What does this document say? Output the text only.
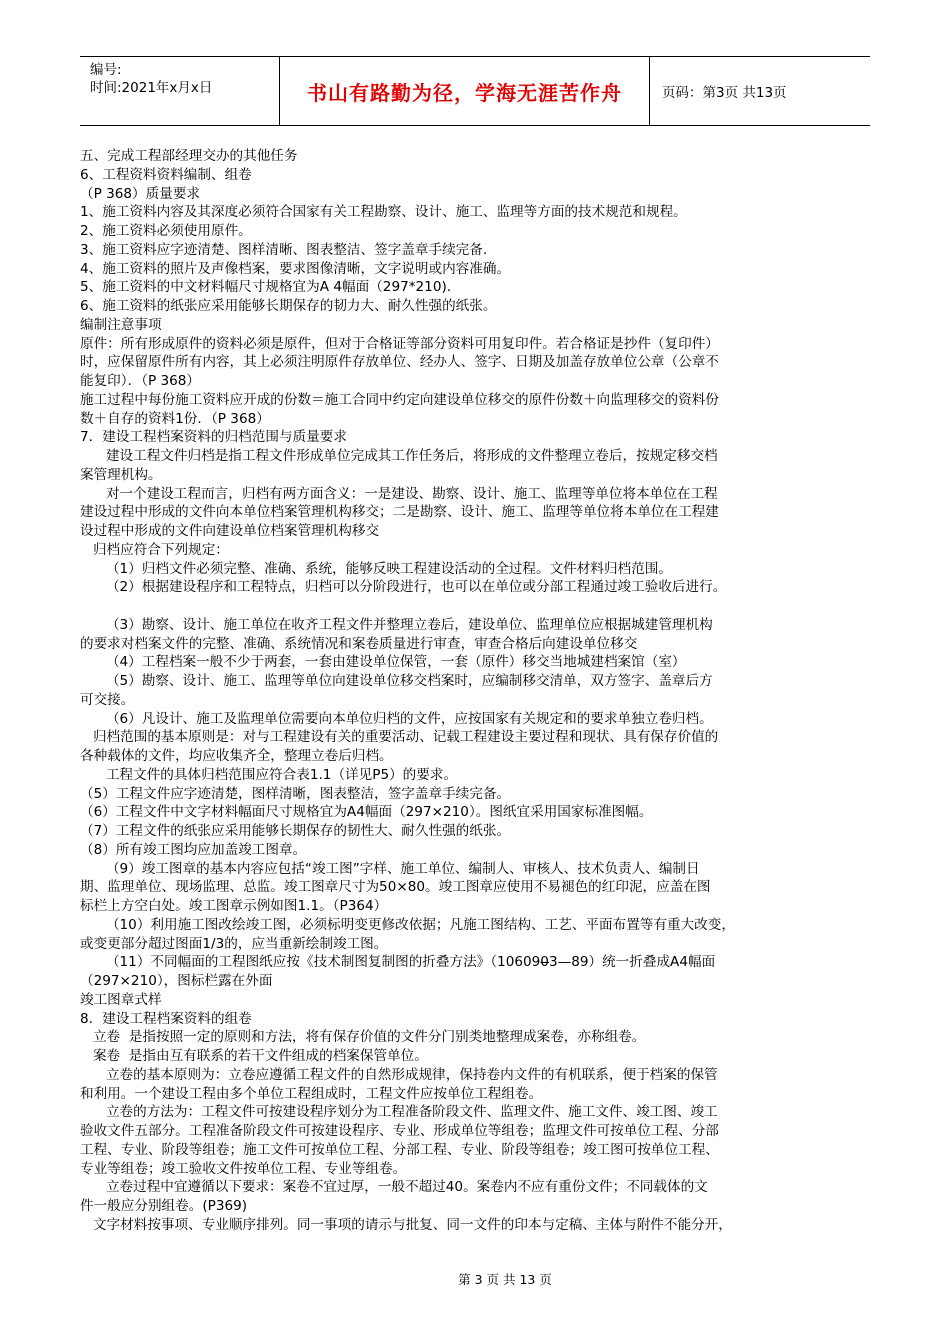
编号:
时间:2021年x月x日	书山有路勤为径，学海无涯苦作舟	页码：第3页 共13页

五、完成工程部经理交办的其他任务

6、工程资料资料编制、组卷

（P 368）质量要求

1、施工资料内容及其深度必须符合国家有关工程勘察、设计、施工、监理等方面的技术规范和规程。

2、施工资料必须使用原件。

3、施工资料应字迹清楚、图样清晰、图表整洁、签字盖章手续完备.

4、施工资料的照片及声像档案，要求图像清晰，文字说明或内容准确。

5、施工资料的中文材料幅尺寸规格宜为A 4幅面（297*210).

6、施工资料的纸张应采用能够长期保存的韧力大、耐久性强的纸张。

编制注意事项

原件：所有形成原件的资料必须是原件，但对于合格证等部分资料可用复印件。若合格证是抄件（复印件）

时，应保留原件所有内容，其上必须注明原件存放单位、经办人、签字、日期及加盖存放单位公章（公章不

能复印）．（P 368）

施工过程中每份施工资料应开成的份数＝施工合同中约定向建设单位移交的原件份数＋向监理移交的资料份

数＋自存的资料1份．（P 368）

7．建设工程档案资料的归档范围与质量要求

建设工程文件归档是指工程文件形成单位完成其工作任务后，将形成的文件整理立卷后，按规定移交档

案管理机构。

对一个建设工程而言，归档有两方面含义：一是建设、勘察、设计、施工、监理等单位将本单位在工程

建设过程中形成的文件向本单位档案管理机构移交；二是勘察、设计、施工、监理等单位将本单位在工程建

设过程中形成的文件向建设单位档案管理机构移交

归档应符合下列规定：

（1）归档文件必须完整、准确、系统，能够反映工程建设活动的全过程。文件材料归档范围。

（2）根据建设程序和工程特点，归档可以分阶段进行，也可以在单位或分部工程通过竣工验收后进行。

（3）勘察、设计、施工单位在收齐工程文件并整理立卷后，建设单位、监理单位应根据城建管理机构

的要求对档案文件的完整、准确、系统情况和案卷质量进行审查，审查合格后向建设单位移交

（4）工程档案一般不少于两套，一套由建设单位保管，一套（原件）移交当地城建档案馆（室）

（5）勘察、设计、施工、监理等单位向建设单位移交档案时，应编制移交清单，双方签字、盖章后方

可交接。

（6）凡设计、施工及监理单位需要向本单位归档的文件，应按国家有关规定和的要求单独立卷归档。

归档范围的基本原则是：对与工程建设有关的重要活动、记载工程建设主要过程和现状、具有保存价值的

各种载体的文件，均应收集齐全，整理立卷后归档。

工程文件的具体归档范围应符合表1.1（详见P5）的要求。

（5）工程文件应字迹清楚，图样清晰，图表整洁，签字盖章手续完备。

（6）工程文件中文字材料幅面尺寸规格宜为A4幅面（297×210）。图纸宜采用国家标准图幅。

（7）工程文件的纸张应采用能够长期保存的韧性大、耐久性强的纸张。

（8）所有竣工图均应加盖竣工图章。

（9）竣工图章的基本内容应包括“竣工图”字样、施工单位、编制人、审核人、技术负责人、编制日

期、监理单位、现场监理、总监。竣工图章尺寸为50×80。竣工图章应使用不易褪色的红印泥，应盖在图

标栏上方空白处。竣工图章示例如图1.1。（P364）

（10）利用施工图改绘竣工图，必须标明变更修改依据；凡施工图结构、工艺、平面布置等有重大改变，

或变更部分超过图面1/3的，应当重新绘制竣工图。

（11）不同幅面的工程图纸应按《技术制图复制图的折叠方法》（106090̶3—89）统一折叠成A4幅面

（297×210），图标栏露在外面

竣工图章式样

8．建设工程档案资料的组卷

立卷  是指按照一定的原则和方法，将有保存价值的文件分门别类地整理成案卷，亦称组卷。

案卷  是指由互有联系的若干文件组成的档案保管单位。

立卷的基本原则为：立卷应遵循工程文件的自然形成规律，保持卷内文件的有机联系，便于档案的保管

和利用。一个建设工程由多个单位工程组成时，工程文件应按单位工程组卷。

立卷的方法为：工程文件可按建设程序划分为工程准备阶段文件、监理文件、施工文件、竣工图、竣工

验收文件五部分。工程准备阶段文件可按建设程序、专业、形成单位等组卷；监理文件可按单位工程、分部

工程、专业、阶段等组卷；施工文件可按单位工程、分部工程、专业、阶段等组卷；竣工图可按单位工程、

专业等组卷；竣工验收文件按单位工程、专业等组卷。

立卷过程中宜遵循以下要求：案卷不宜过厚，一般不超过40。案卷内不应有重份文件；不同载体的文

件一般应分别组卷。(P369)

文字材料按事项、专业顺序排列。同一事项的请示与批复、同一文件的印本与定稿、主体与附件不能分开，

第 3 页 共 13 页
